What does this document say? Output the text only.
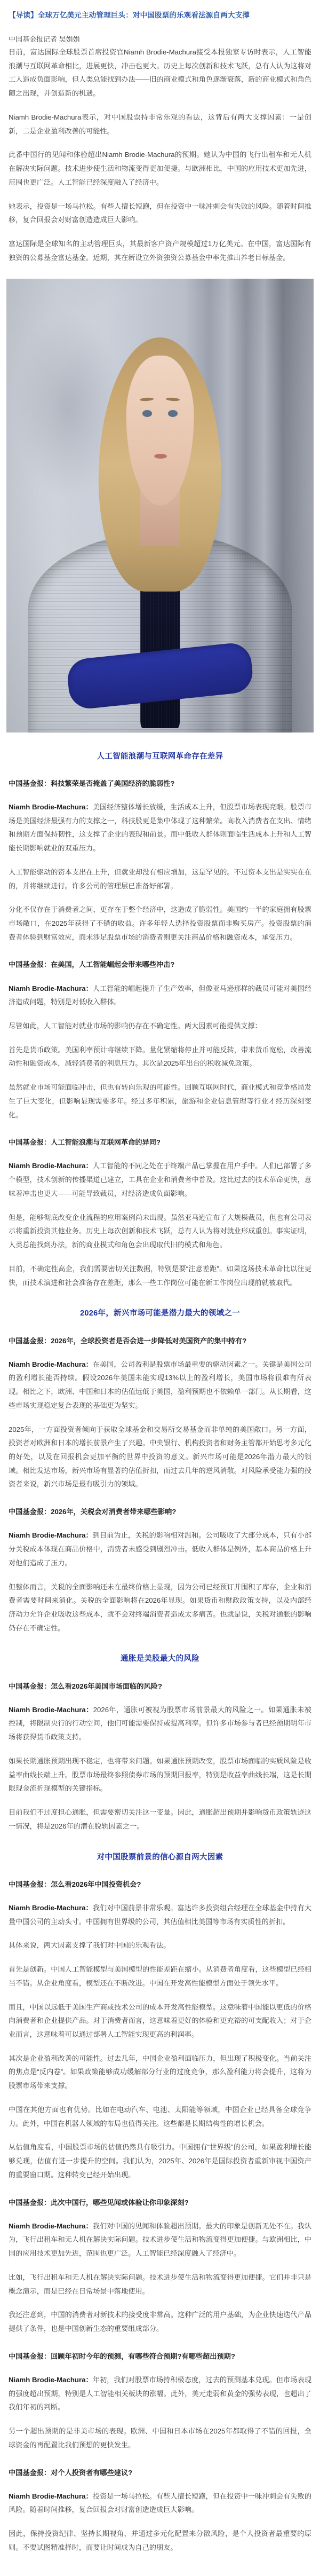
【导读】全球万亿美元主动管理巨头：对中国股票的乐观看法源自两大支撑
中国基金报记者 吴娟娟

日前，富达国际全球股票首席投资官Niamh Brodie-Machura接受本报独家专访时表示，人工智能浪潮与互联网革命相比，进展更快，冲击也更大。历史上每次创新和技术飞跃，总有人认为这将对工人造成负面影响，但人类总能找到办法——旧的商业模式和角色逐渐衰落，新的商业模式和角色随之出现，并创造新的机遇。

Niamh Brodie-Machura表示，对中国股票持非常乐观的看法，这背后有两大支撑因素：一是创新，二是企业盈利改善的可能性。

此番中国行的见闻和体验超出Niamh Brodie-Machura的预期。她认为中国的飞行出租车和无人机在解决实际问题。技术进步使生活和物流变得更加便捷。与欧洲相比，中国的应用技术更加先进，范围也更广泛。人工智能已经深度融入了经济中。

她表示，投资是一场马拉松。有些人擅长短跑，但在投资中一味冲刺会有失败的风险。随着时间推移，复合回报会对财富创造造成巨大影响。

富达国际是全球知名的主动管理巨头，其最新客户资产规模超过1万亿美元。在中国，富达国际有独资的公募基金富达基金。近期，其在新设立外资独资公募基金中率先推出养老目标基金。

人工智能浪潮与互联网革命存在差异

中国基金报：科技繁荣是否掩盖了美国经济的脆弱性?

Niamh Brodie-Machura：美国经济整体增长放缓，生活成本上升，但股票市场表现亮眼。股票市场是美国经济最强有力的支撑之一，科技股更是集中体现了这种繁荣。高收入消费者在支出、情绪和预期方面保持韧性，这支撑了企业的表现和前景。而中低收入群体则面临生活成本上升和人工智能长期影响就业的双重压力。

人工智能驱动的资本支出在上升，但就业却没有相应增加，这是罕见的。不过资本支出是实实在在的，并将继续进行。许多公司的管理层已准备好部署。

分化不仅存在于消费者之间，更存在于整个经济中，这造成了脆弱性。美国约一半的家庭拥有股票市场敞口，在2025年获得了不错的收益。许多年轻人选择投资股票而非购买房产。投资股票的消费者体验到财富效应，而未涉足股票市场的消费者则更关注商品价格和融资成本，承受压力。

中国基金报：在美国，人工智能崛起会带来哪些冲击?

Niamh Brodie-Machura：人工智能的崛起提升了生产效率，但像亚马逊那样的裁员可能对美国经济造成问题，特别是对低收入群体。

尽管如此，人工智能对就业市场的影响仍存在不确定性。两大因素可能提供支撑：

首先是货币政策。美国利率预计将继续下降。量化紧缩将停止并可能反转，带来货币宽松，改善流动性和融资成本，减轻消费者的利息压力。其次是2025年出台的税收减免政策。

虽然就业市场可能面临冲击，但也有转向乐观的可能性。回顾互联网时代，商业模式和竞争格局发生了巨大变化，但影响显现需要多年。经过多年积累，旅游和企业信息管理等行业才经历深刻变化。

中国基金报：人工智能浪潮与互联网革命的异同?

Niamh Brodie-Machura：人工智能的不同之处在于终端产品已掌握在用户手中。人们已部署了多个模型，技术创新的传播渠道已建立，工具在企业和消费者中普及。这比过去的技术革命更快，意味着冲击也更大——可能导致裁员，对经济造成负面影响。

但是，能够彻底改变企业流程的应用案例尚未出现。虽然亚马逊宣布了大规模裁员，但也有公司表示将重新投资其他业务。历史上每次创新和技术飞跃，总有人认为将对就业形成重创。事实证明，人类总能找到办法，新的商业模式和角色会出现取代旧的模式和角色。

目前，不确定性高企，我们需要密切关注数据，特别是要“注意差距”。如果这场技术革命比以往更快，而技术演进和社会准备存在差距，那么一些工作岗位可能在新工作岗位出现前就被取代。

2026年，新兴市场可能是潜力最大的领域之一

中国基金报：2026年，全球投资者是否会进一步降低对美国资产的集中持有?

Niamh Brodie-Machura：在美国，公司盈利是股票市场最重要的驱动因素之一。关键是美国公司的盈利增长能否持续。假设2026年美国未能实现13%以上的盈利增长，美国市场将很难有所表现。相比之下，欧洲、中国和日本的估值远低于美国，盈利预期也不依赖单一部门。从长期看，这些市场实现稳定复合表现的基础更为坚实。

2025年，一方面投资者倾向于获取全球基金和交易所交易基金而非单纯的美国敞口。另一方面，投资者对欧洲和日本的增长前景产生了兴趣。中央银行、机构投资者和财务主管都开始思考多元化的好处，以及在回报机会更加平衡的世界中投资的意义。新兴市场可能是2026年潜力最大的领域。相比发达市场，新兴市场有显著的估值折扣，而过去几年的逆风消散。对风险承受能力强的投资者来说，新兴市场是最有吸引力的领域。

中国基金报：2026年，关税会对消费者带来哪些影响?

Niamh Brodie-Machura：到目前为止，关税的影响相对温和。公司吸收了大部分成本，只有小部分关税成本体现在商品价格中，消费者未感受到剧烈冲击。低收入群体是例外，基本商品价格上升对他们造成了压力。

但整体而言，关税的全面影响还未在最终价格上显现，因为公司已经预订并囤积了库存，企业和消费者需要时间来消化。关税的全面影响将在2026年显现。如果货币和财政政策支持，以及内部经济动力允许企业吸收这些成本，就不会对终端消费者造成太多痛苦。也就是说，关税对通胀的影响仍存在不确定性。

通胀是美股最大的风险

中国基金报：怎么看2026年美国市场面临的风险?

Niamh Brodie-Machura：2026年，通胀可被视为股票市场前景最大的风险之一。如果通胀未被控制，将限制央行的行动空间，他们可能需要保持或提高利率。但许多市场参与者已经预期明年市场将获得货币政策支持。

如果长期通胀预期出现不稳定，也将带来问题。如果通胀预期改变，股票市场面临的实质风险是收益率曲线长端上升。股票市场最终参照债券市场的预期回报率，特别是收益率曲线长端，这是长期限现金流折现模型的关键指标。

目前我们不过度担心通胀，但需要密切关注这一变量。因此，通胀超出预期并影响货币政策轨迹这一情况，将是2026年的潜在脱轨因素之一。

对中国股票前景的信心源自两大因素

中国基金报：怎么看2026年中国投资机会?

Niamh Brodie-Machura：我们对中国前景非常乐观。富达许多投资组合经理在全球基金中持有大量中国公司的主动头寸。中国拥有世界级的公司，其估值相比美国等市场有实质性的折扣。

具体来说，两大因素支撑了我们对中国的乐观看法。

首先是创新。中国人工智能模型与美国模型的性能差距在缩小。从消费者角度看，这些模型已经相当不错。从企业角度看，模型还在不断改进。中国在开发高性能模型方面处于领先水平。

而且，中国以远低于美国生产商或技术公司的成本开发高性能模型。这意味着中国能以更低的价格向消费者和企业提供产品。对于消费者而言，这意味着更好的体验和更充裕的可支配收入；对于企业而言，这意味着可以通过部署人工智能实现更高的利润率。

其次是企业盈利改善的可能性。过去几年，中国企业盈利面临压力，但出现了积极变化。当前关注的焦点是“反内卷”。如果政策能够成功缓解部分行业的过度竞争，那么盈利能力将会提升，这将为股票市场带来支撑。

中国在其他方面也有优势。比如在电动汽车、电池、太阳能等领域，中国企业已经具备全球竞争力。此外，中国在机器人领域的布局也值得关注。这些都是长期结构性的增长机会。

从估值角度看，中国股票市场的估值仍然具有吸引力。中国拥有“世界级”的公司，如果盈利增长能够兑现，估值有进一步提升的空间。我们认为，2025年、2026年是国际投资者重新审视中国资产的重要窗口期。这种转变已经开始出现。

中国基金报：此次中国行，哪些见闻或体验让你印象深刻?

Niamh Brodie-Machura：我们对中国的见闻和体验超出预期。最大的印象是创新无处不在。我认为，飞行出租车和无人机在解决实际问题。技术进步使生活和物流变得更加便捷。与欧洲相比，中国的应用技术更加先进，范围也更广泛。人工智能已经深度融入了经济中。

比如，飞行出租车和无人机在解决实际问题。技术进步使生活和物流变得更加便捷。它们并非只是概念演示，而是已经在日常场景中落地使用。

我还注意到，中国的消费者对新技术的接受度非常高。这种广泛的用户基础，为企业快速迭代产品提供了条件，也是中国创新生态的重要组成部分。

中国基金报：回顾年初时今年的预测，有哪些符合预期?有哪些超出预期?

Niamh Brodie-Machura：年初，我们对股票市场持积极态度，过去的预测基本兑现。但市场表现的强度超出预期，特别是人工智能相关板块的涨幅。此外，美元走弱和黄金的强势表现，也超出了我们年初的判断。

另一个超出预期的是非美市场的表现。欧洲、中国和日本市场在2025年都取得了不错的回报，全球资金的再配置比我们预想的更快发生。

中国基金报：对个人投资者有哪些建议?

Niamh Brodie-Machura：投资是一场马拉松。有些人擅长短跑，但在投资中一味冲刺会有失败的风险。随着时间推移，复合回报会对财富创造造成巨大影响。

因此，保持投资纪律、坚持长期视角，并通过多元化配置来分散风险，是个人投资者最重要的原则。不要试图精准择时，而要让时间成为自己的朋友。
